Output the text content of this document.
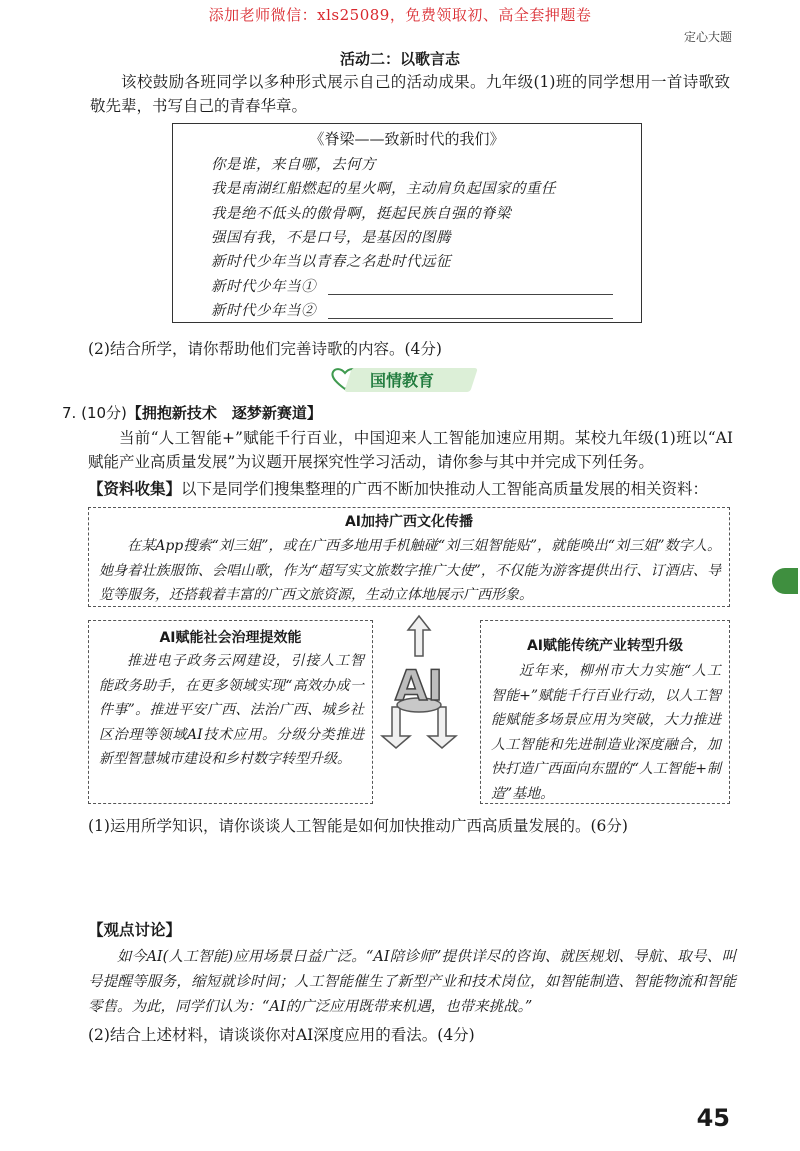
添加老师微信：xls25089，免费领取初、高全套押题卷
定心大题
活动二：以歌言志
该校鼓励各班同学以多种形式展示自己的活动成果。九年级(1)班的同学想用一首诗歌致敬先辈，书写自己的青春华章。
《脊梁——致新时代的我们》
你是谁，来自哪，去何方
我是南湖红船燃起的星火啊，主动肩负起国家的重任
我是绝不低头的傲骨啊，挺起民族自强的脊梁
强国有我，不是口号，是基因的图腾
新时代少年当以青春之名赴时代远征
新时代少年当①
新时代少年当②
(2)结合所学，请你帮助他们完善诗歌的内容。(4分)
国情教育
7. (10分)【拥抱新技术　逐梦新赛道】
当前“人工智能+”赋能千行百业，中国迎来人工智能加速应用期。某校九年级(1)班以“AI赋能产业高质量发展”为议题开展探究性学习活动，请你参与其中并完成下列任务。
【资料收集】以下是同学们搜集整理的广西不断加快推动人工智能高质量发展的相关资料：
AI加持广西文化传播
在某App搜索“刘三姐”，或在广西多地用手机触碰“刘三姐智能贴”，就能唤出“刘三姐”数字人。她身着壮族服饰、会唱山歌，作为“超写实文旅数字推广大使”，不仅能为游客提供出行、订酒店、导览等服务，还搭载着丰富的广西文旅资源，生动立体地展示广西形象。
AI赋能社会治理提效能
推进电子政务云网建设，引接人工智能政务助手，在更多领域实现“高效办成一件事”。推进平安广西、法治广西、城乡社区治理等领域AI技术应用。分级分类推进新型智慧城市建设和乡村数字转型升级。
AI
AI赋能传统产业转型升级
近年来，柳州市大力实施“人工智能+”赋能千行百业行动，以人工智能赋能多场景应用为突破，大力推进人工智能和先进制造业深度融合，加快打造广西面向东盟的“人工智能+制造”基地。
(1)运用所学知识，请你谈谈人工智能是如何加快推动广西高质量发展的。(6分)
【观点讨论】
如今AI(人工智能)应用场景日益广泛。“AI陪诊师”提供详尽的咨询、就医规划、导航、取号、叫号提醒等服务，缩短就诊时间；人工智能催生了新型产业和技术岗位，如智能制造、智能物流和智能零售。为此，同学们认为：“AI的广泛应用既带来机遇，也带来挑战。”
(2)结合上述材料，请谈谈你对AI深度应用的看法。(4分)
45
